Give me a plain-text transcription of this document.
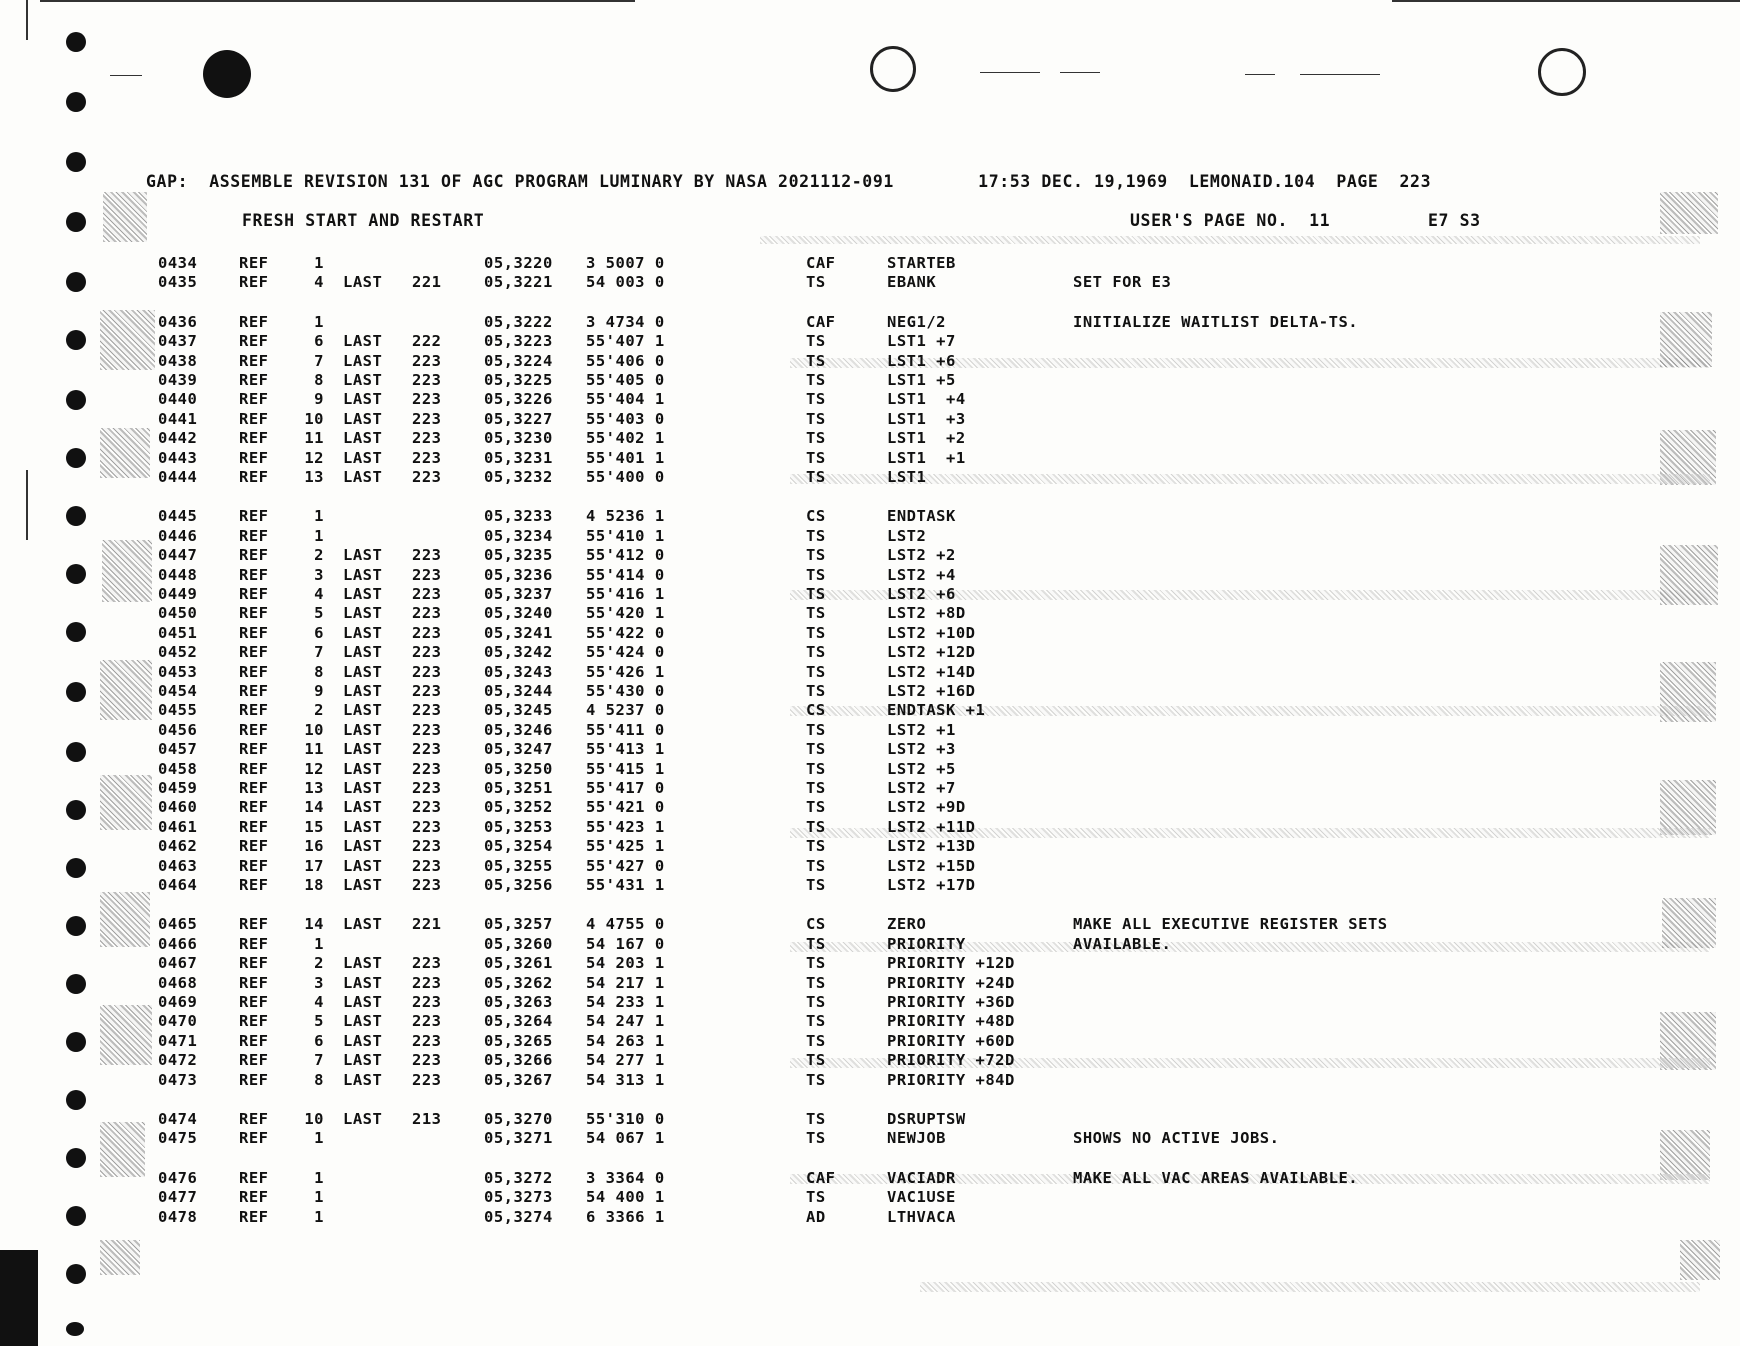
GAP:  ASSEMBLE REVISION 131 OF AGC PROGRAM LUMINARY BY NASA 2021112-091        17:53 DEC. 19,1969  LEMONAID.104  PAGE  223
FRESH START AND RESTART	USER'S PAGE NO.  11	E7 S3
0434	REF	1	05,3220 3 5007 0	CAF	STARTEB
0435	REF	4 LAST 221	05,3221 54 003 0	TS	EBANK	SET FOR E3
0436	REF	1	05,3222 3 4734 0	CAF	NEG1/2	INITIALIZE WAITLIST DELTA-TS.
0437	REF	6 LAST 222	05,3223 55'407 1	TS	LST1 +7
0438	REF	7 LAST 223	05,3224 55'406 0	TS	LST1 +6
0439	REF	8 LAST 223	05,3225 55'405 0	TS	LST1 +5
0440	REF	9 LAST 223	05,3226 55'404 1	TS	LST1  +4
0441	REF 10 LAST 223	05,3227 55'403 0	TS	LST1  +3
0442	REF 11 LAST 223	05,3230 55'402 1	TS	LST1  +2
0443	REF 12 LAST 223	05,3231 55'401 1	TS	LST1  +1
0444	REF 13 LAST 223	05,3232 55'400 0	TS	LST1
0445	REF	1	05,3233 4 5236 1	CS	ENDTASK
0446	REF	1	05,3234 55'410 1	TS	LST2
0447	REF	2 LAST 223	05,3235 55'412 0	TS	LST2 +2
0448	REF	3 LAST 223	05,3236 55'414 0	TS	LST2 +4
0449	REF	4 LAST 223	05,3237 55'416 1	TS	LST2 +6
0450	REF	5 LAST 223	05,3240 55'420 1	TS	LST2 +8D
0451	REF	6 LAST 223	05,3241 55'422 0	TS	LST2 +10D
0452	REF	7 LAST 223	05,3242 55'424 0	TS	LST2 +12D
0453	REF	8 LAST 223	05,3243 55'426 1	TS	LST2 +14D
0454	REF	9 LAST 223	05,3244 55'430 0	TS	LST2 +16D
0455	REF	2 LAST 223	05,3245 4 5237 0	CS	ENDTASK +1
0456	REF 10 LAST 223	05,3246 55'411 0	TS	LST2 +1
0457	REF 11 LAST 223	05,3247 55'413 1	TS	LST2 +3
0458	REF 12 LAST 223	05,3250 55'415 1	TS	LST2 +5
0459	REF 13 LAST 223	05,3251 55'417 0	TS	LST2 +7
0460	REF 14 LAST 223	05,3252 55'421 0	TS	LST2 +9D
0461	REF 15 LAST 223	05,3253 55'423 1	TS	LST2 +11D
0462	REF 16 LAST 223	05,3254 55'425 1	TS	LST2 +13D
0463	REF 17 LAST 223	05,3255 55'427 0	TS	LST2 +15D
0464	REF 18 LAST 223	05,3256 55'431 1	TS	LST2 +17D
0465	REF 14 LAST 221	05,3257 4 4755 0	CS	ZERO	MAKE ALL EXECUTIVE REGISTER SETS
0466	REF	1	05,3260 54 167 0	TS	PRIORITY	AVAILABLE.
0467	REF	2 LAST 223	05,3261 54 203 1	TS	PRIORITY +12D
0468	REF	3 LAST 223	05,3262 54 217 1	TS	PRIORITY +24D
0469	REF	4 LAST 223	05,3263 54 233 1	TS	PRIORITY +36D
0470	REF	5 LAST 223	05,3264 54 247 1	TS	PRIORITY +48D
0471	REF	6 LAST 223	05,3265 54 263 1	TS	PRIORITY +60D
0472	REF	7 LAST 223	05,3266 54 277 1	TS	PRIORITY +72D
0473	REF	8 LAST 223	05,3267 54 313 1	TS	PRIORITY +84D
0474	REF 10 LAST 213	05,3270 55'310 0	TS	DSRUPTSW
0475	REF	1	05,3271 54 067 1	TS	NEWJOB	SHOWS NO ACTIVE JOBS.
0476	REF	1	05,3272 3 3364 0	CAF	VACIADR	MAKE ALL VAC AREAS AVAILABLE.
0477	REF	1	05,3273 54 400 1	TS	VAC1USE
0478	REF	1	05,3274 6 3366 1	AD	LTHVACA
